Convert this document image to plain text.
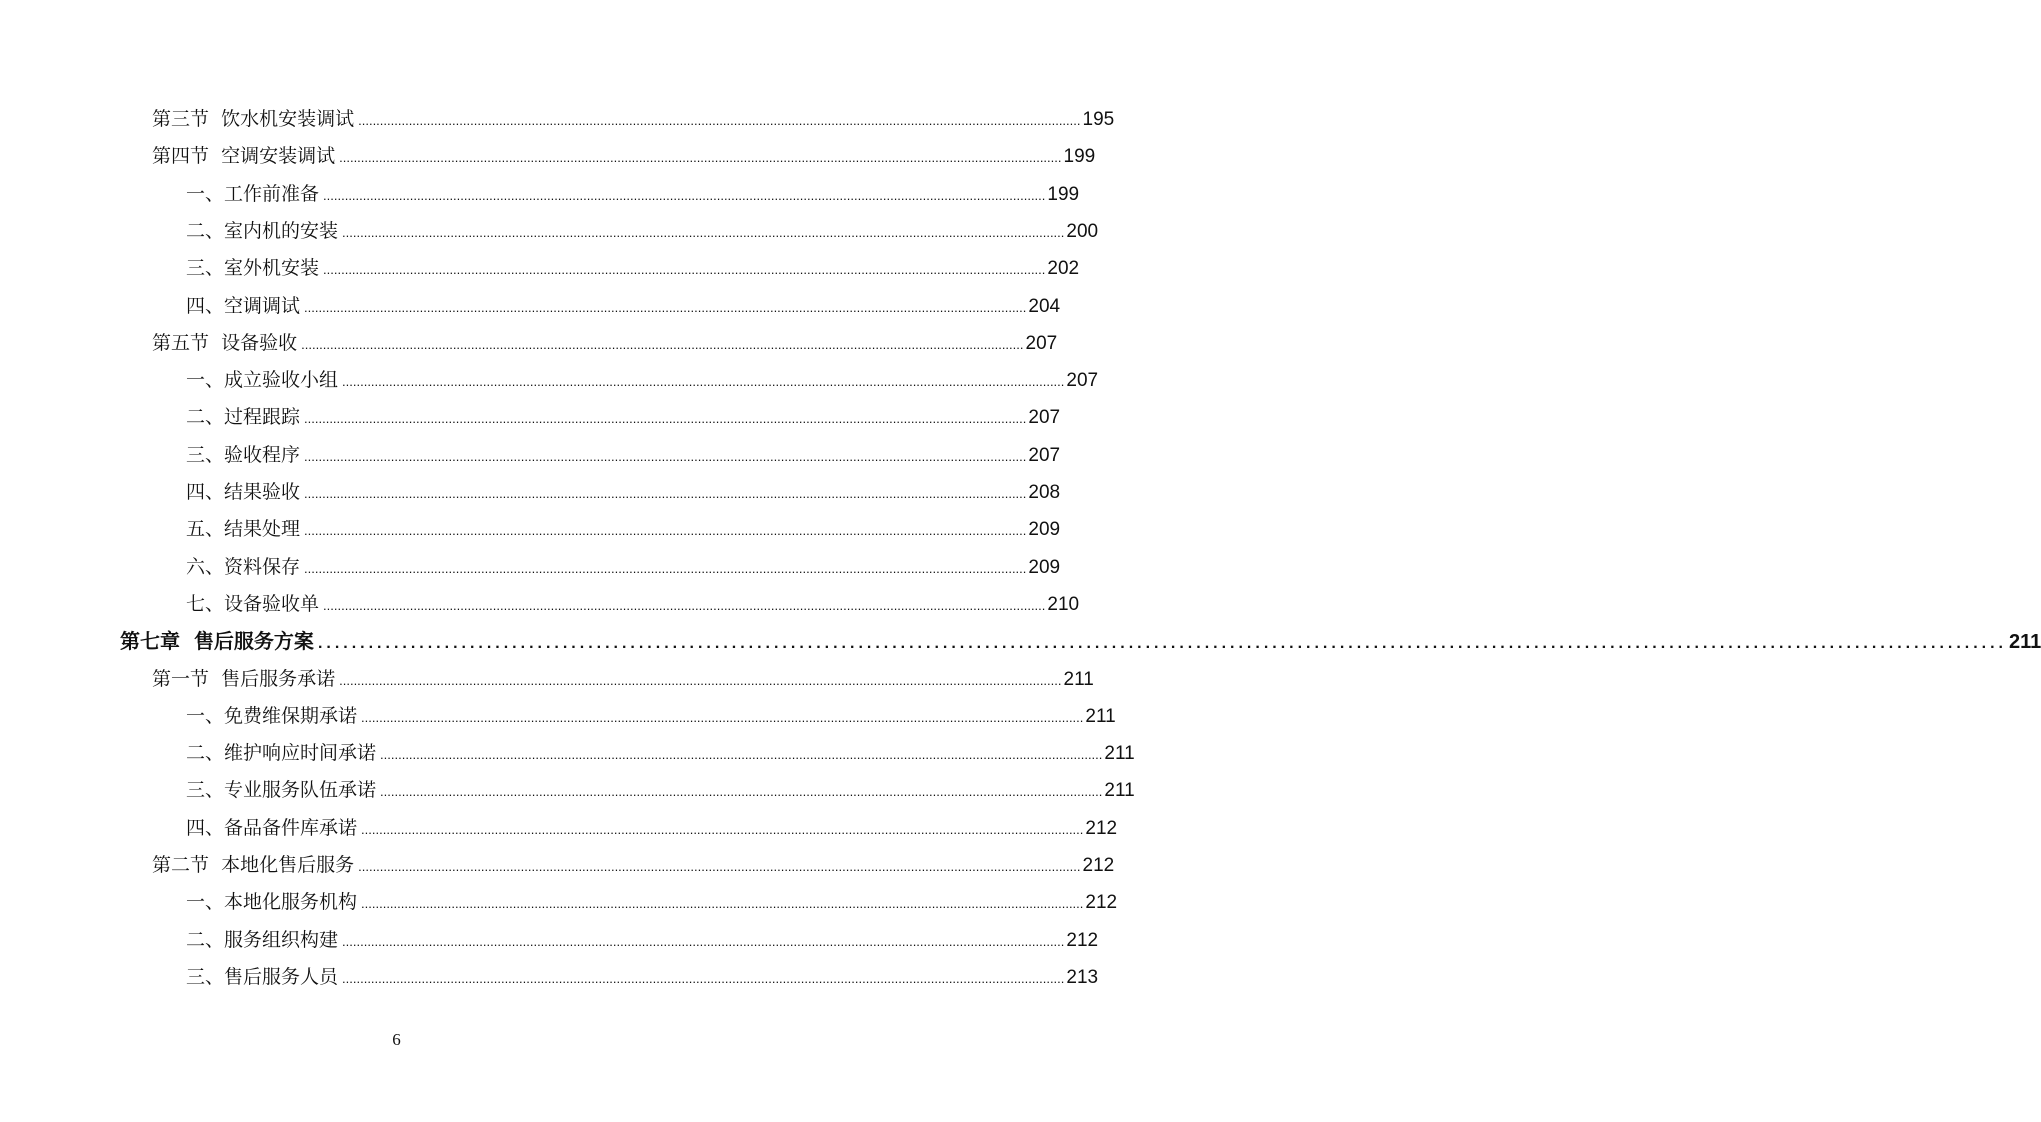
第三节
饮水机安装调试 ........................................................................................................................................................................................................ 195
第四节
空调安装调试 ........................................................................................................................................................................................................ 199
一、 工作前准备 ........................................................................................................................................................................................................ 199
二、 室内机的安装 ........................................................................................................................................................................................................ 200
三、 室外机安装 ........................................................................................................................................................................................................ 202
四、 空调调试 ........................................................................................................................................................................................................ 204
第五节
设备验收 ........................................................................................................................................................................................................ 207
一、 成立验收小组 ........................................................................................................................................................................................................ 207
二、 过程跟踪 ........................................................................................................................................................................................................ 207
三、 验收程序 ........................................................................................................................................................................................................ 207
四、 结果验收 ........................................................................................................................................................................................................ 208
五、 结果处理 ........................................................................................................................................................................................................ 209
六、 资料保存 ........................................................................................................................................................................................................ 209
七、 设备验收单 ........................................................................................................................................................................................................ 210
第七章
售后服务方案 ........................................................................................................................................................................................................ 211
第一节
售后服务承诺 ........................................................................................................................................................................................................ 211
一、 免费维保期承诺 ........................................................................................................................................................................................................ 211
二、 维护响应时间承诺 ........................................................................................................................................................................................................ 211
三、 专业服务队伍承诺 ........................................................................................................................................................................................................ 211
四、 备品备件库承诺 ........................................................................................................................................................................................................ 212
第二节
本地化售后服务 ........................................................................................................................................................................................................ 212
一、 本地化服务机构 ........................................................................................................................................................................................................ 212
二、 服务组织构建 ........................................................................................................................................................................................................ 212
三、 售后服务人员 ........................................................................................................................................................................................................ 213
6
